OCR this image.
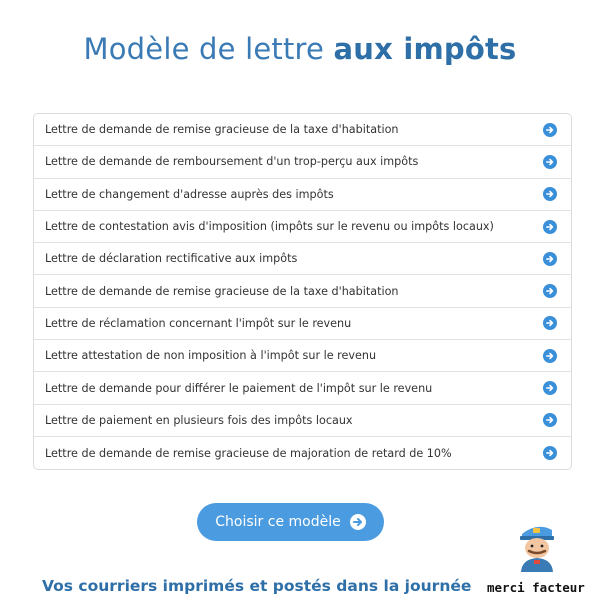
Modèle de lettre aux impôts
Lettre de demande de remise gracieuse de la taxe d'habitation
Lettre de demande de remboursement d'un trop-perçu aux impôts
Lettre de changement d'adresse auprès des impôts
Lettre de contestation avis d'imposition (impôts sur le revenu ou impôts locaux)
Lettre de déclaration rectificative aux impôts
Lettre de demande de remise gracieuse de la taxe d'habitation
Lettre de réclamation concernant l'impôt sur le revenu
Lettre attestation de non imposition à l'impôt sur le revenu
Lettre de demande pour différer le paiement de l'impôt sur le revenu
Lettre de paiement en plusieurs fois des impôts locaux
Lettre de demande de remise gracieuse de majoration de retard de 10%
Choisir ce modèle
Vos courriers imprimés et postés dans la journée merci facteur
